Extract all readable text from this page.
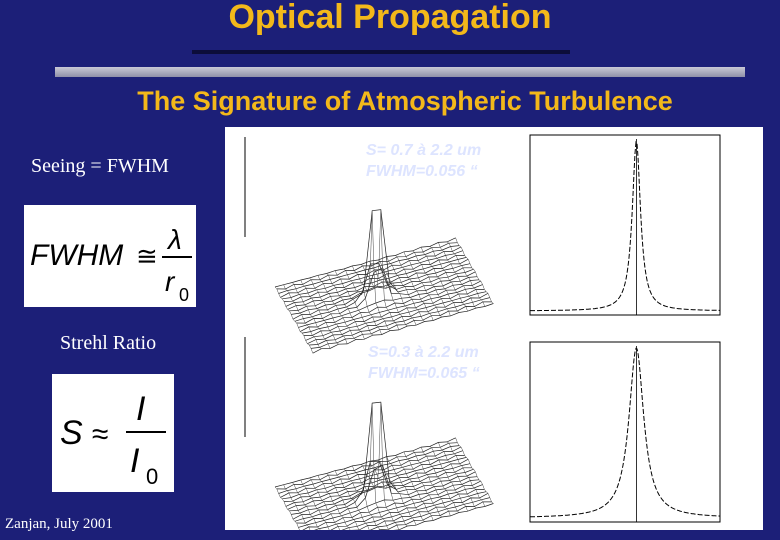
Optical Propagation
The Signature of Atmospheric Turbulence
Seeing = FWHM
FWHM ≅
λ
r 0
Strehl Ratio
S ≈
I
I 0
Zanjan, July 2001
S= 0.7 à 2.2 um
FWHM=0.056 “
S=0.3 à 2.2 um
FWHM=0.065 “
